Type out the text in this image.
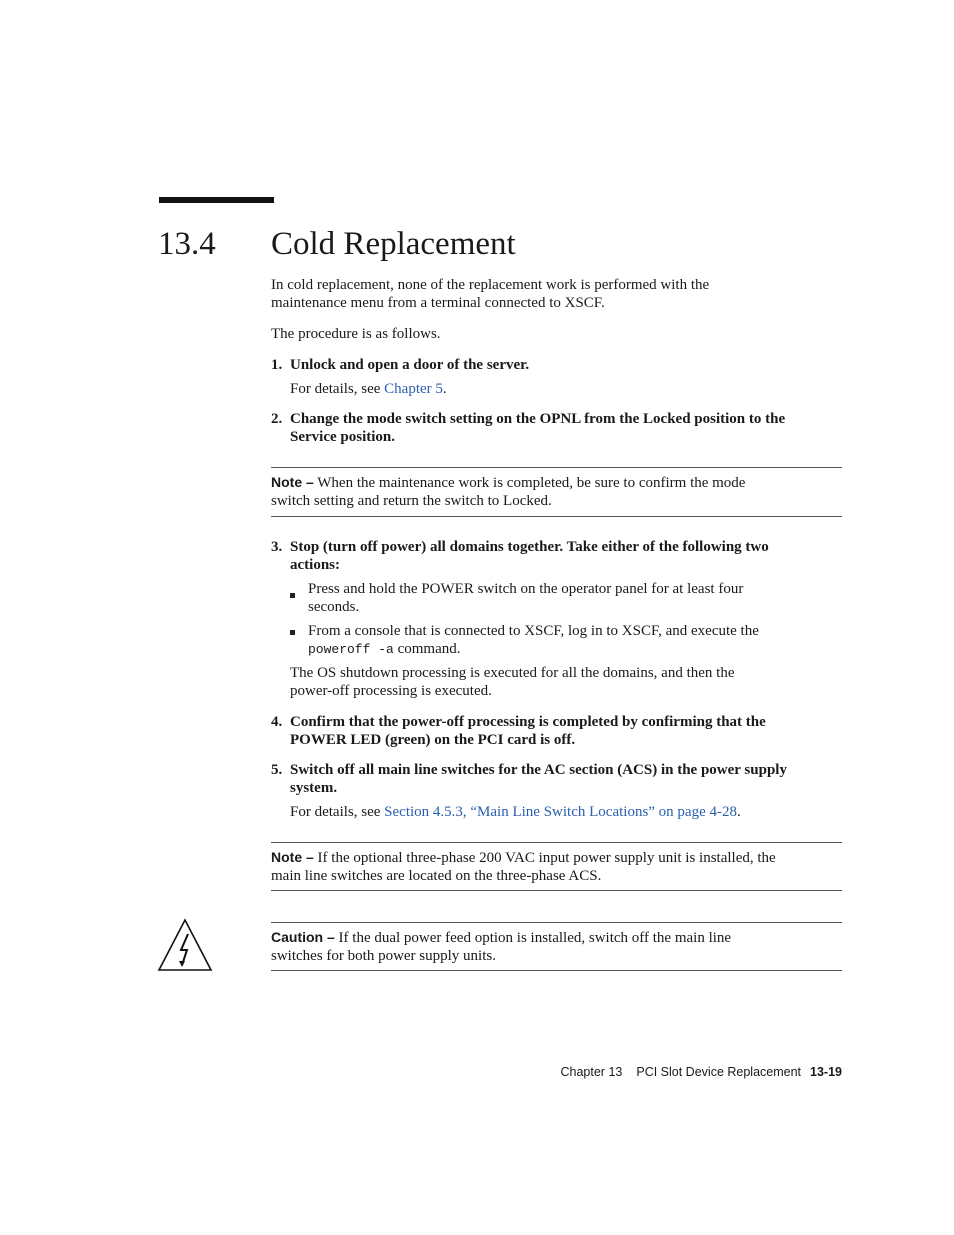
13.4 Cold Replacement
In cold replacement, none of the replacement work is performed with the
maintenance menu from a terminal connected to XSCF.
The procedure is as follows.
1. Unlock and open a door of the server.
For details, see Chapter 5.
2. Change the mode switch setting on the OPNL from the Locked position to the
Service position.
Note – When the maintenance work is completed, be sure to confirm the mode
switch setting and return the switch to Locked.
3. Stop (turn off power) all domains together. Take either of the following two
actions:
Press and hold the POWER switch on the operator panel for at least four
seconds.
From a console that is connected to XSCF, log in to XSCF, and execute the
poweroff -a command.
The OS shutdown processing is executed for all the domains, and then the
power-off processing is executed.
4. Confirm that the power-off processing is completed by confirming that the
POWER LED (green) on the PCI card is off.
5. Switch off all main line switches for the AC section (ACS) in the power supply
system.
For details, see Section 4.5.3, “Main Line Switch Locations” on page 4-28.
Note – If the optional three-phase 200 VAC input power supply unit is installed, the
main line switches are located on the three-phase ACS.
Caution – If the dual power feed option is installed, switch off the main line
switches for both power supply units.
Chapter 13 PCI Slot Device Replacement 13-19
